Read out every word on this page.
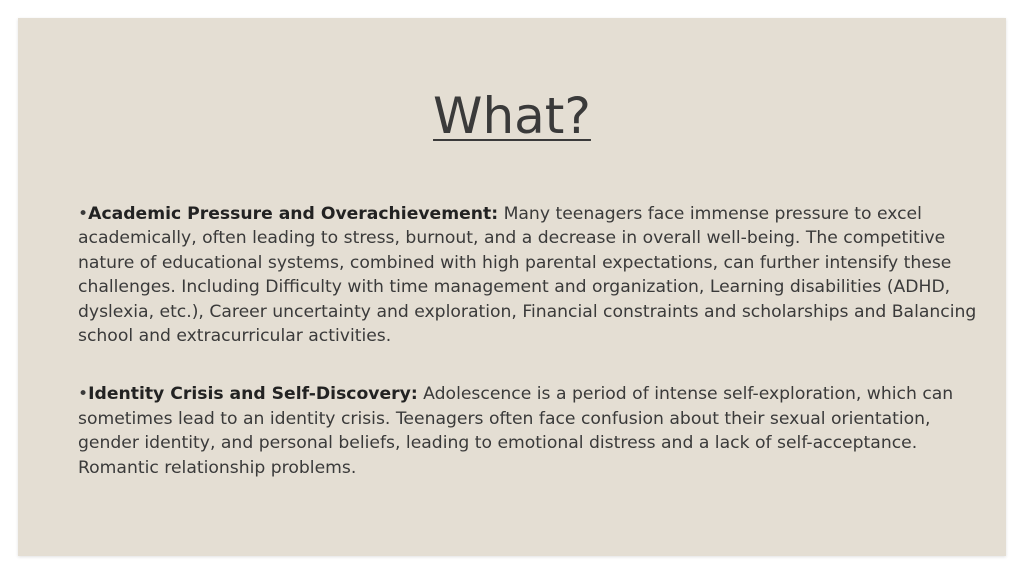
What?

•Academic Pressure and Overachievement: Many teenagers face immense pressure to excel academically, often leading to stress, burnout, and a decrease in overall well-being. The competitive nature of educational systems, combined with high parental expectations, can further intensify these challenges. Including Difficulty with time management and organization, Learning disabilities (ADHD, dyslexia, etc.), Career uncertainty and exploration, Financial constraints and scholarships and Balancing school and extracurricular activities.

•Identity Crisis and Self-Discovery: Adolescence is a period of intense self-exploration, which can sometimes lead to an identity crisis. Teenagers often face confusion about their sexual orientation, gender identity, and personal beliefs, leading to emotional distress and a lack of self-acceptance. Romantic relationship problems.
